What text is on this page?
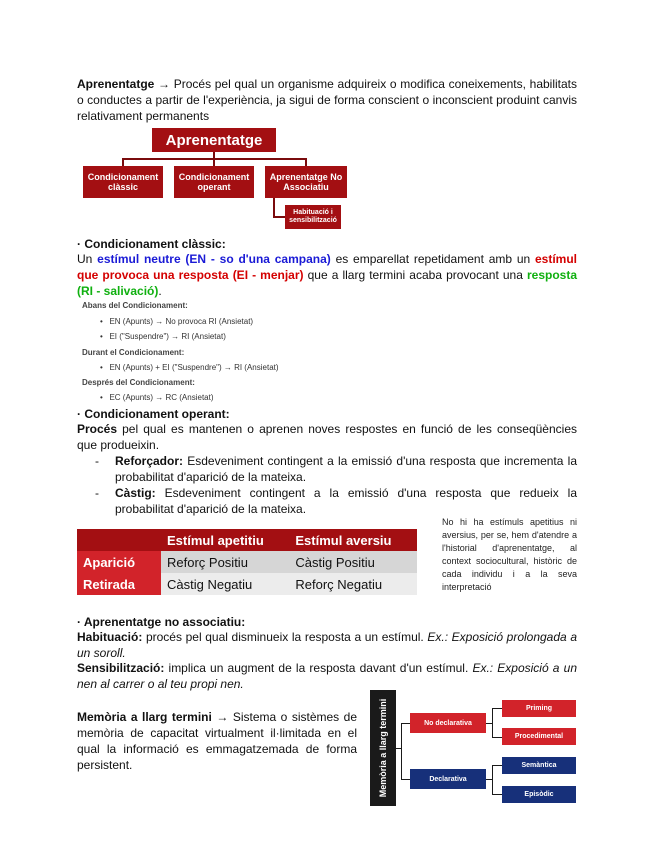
Aprenentatge → Procés pel qual un organisme adquireix o modifica coneixements, habilitats o conductes a partir de l'experiència, ja sigui de forma conscient o inconscient produint canvis relativament permanents
Aprenentatge
Condicionament clàssic
Condicionament operant
Aprenentatge No Associatiu
Habituació i sensibilització
· Condicionament clàssic:
Un estímul neutre (EN - so d'una campana) es emparellat repetidament amb un estímul que provoca una resposta (EI - menjar) que a llarg termini acaba provocant una resposta (RI - salivació).
Abans del Condicionament:
•   EN (Apunts) → No provoca RI (Ansietat)
•   EI ("Suspendre") → RI (Ansietat)
Durant el Condicionament:
•   EN (Apunts) + EI ("Suspendre") → RI (Ansietat)
Després del Condicionament:
•   EC (Apunts) → RC (Ansietat)
· Condicionament operant:
Procés pel qual es mantenen o aprenen noves respostes en funció de les conseqüències que produeixin.
-	Reforçador: Esdeveniment contingent a la emissió d'una resposta que incrementa la probabilitat d'aparició de la mateixa.
-	Càstig: Esdeveniment contingent a la emissió d'una resposta que redueix la probabilitat d'aparició de la mateixa.
	Estímul apetitiu	Estímul aversiu
Aparició	Reforç Positiu	Càstig Positiu
Retirada	Càstig Negatiu	Reforç Negatiu
No hi ha estímuls apetitius ni aversius, per se, hem d'atendre a l'historial d'aprenentatge, al context sociocultural, històric de cada individu i a la seva interpretació
· Aprenentatge no associatiu:
Habituació: procés pel qual disminueix la resposta a un estímul. Ex.: Exposició prolongada a un soroll.
Sensibilització: implica un augment de la resposta davant d'un estímul. Ex.: Exposició a un nen al carrer o al teu propi nen.
Memòria a llarg termini → Sistema o sistèmes de memòria de capacitat virtualment il·limitada en el qual la informació es emmagatzemada de forma persistent.	Memòria a llarg termini	No declarativa
Declarativa
Priming
Procedimental
Semàntica
Episòdic
